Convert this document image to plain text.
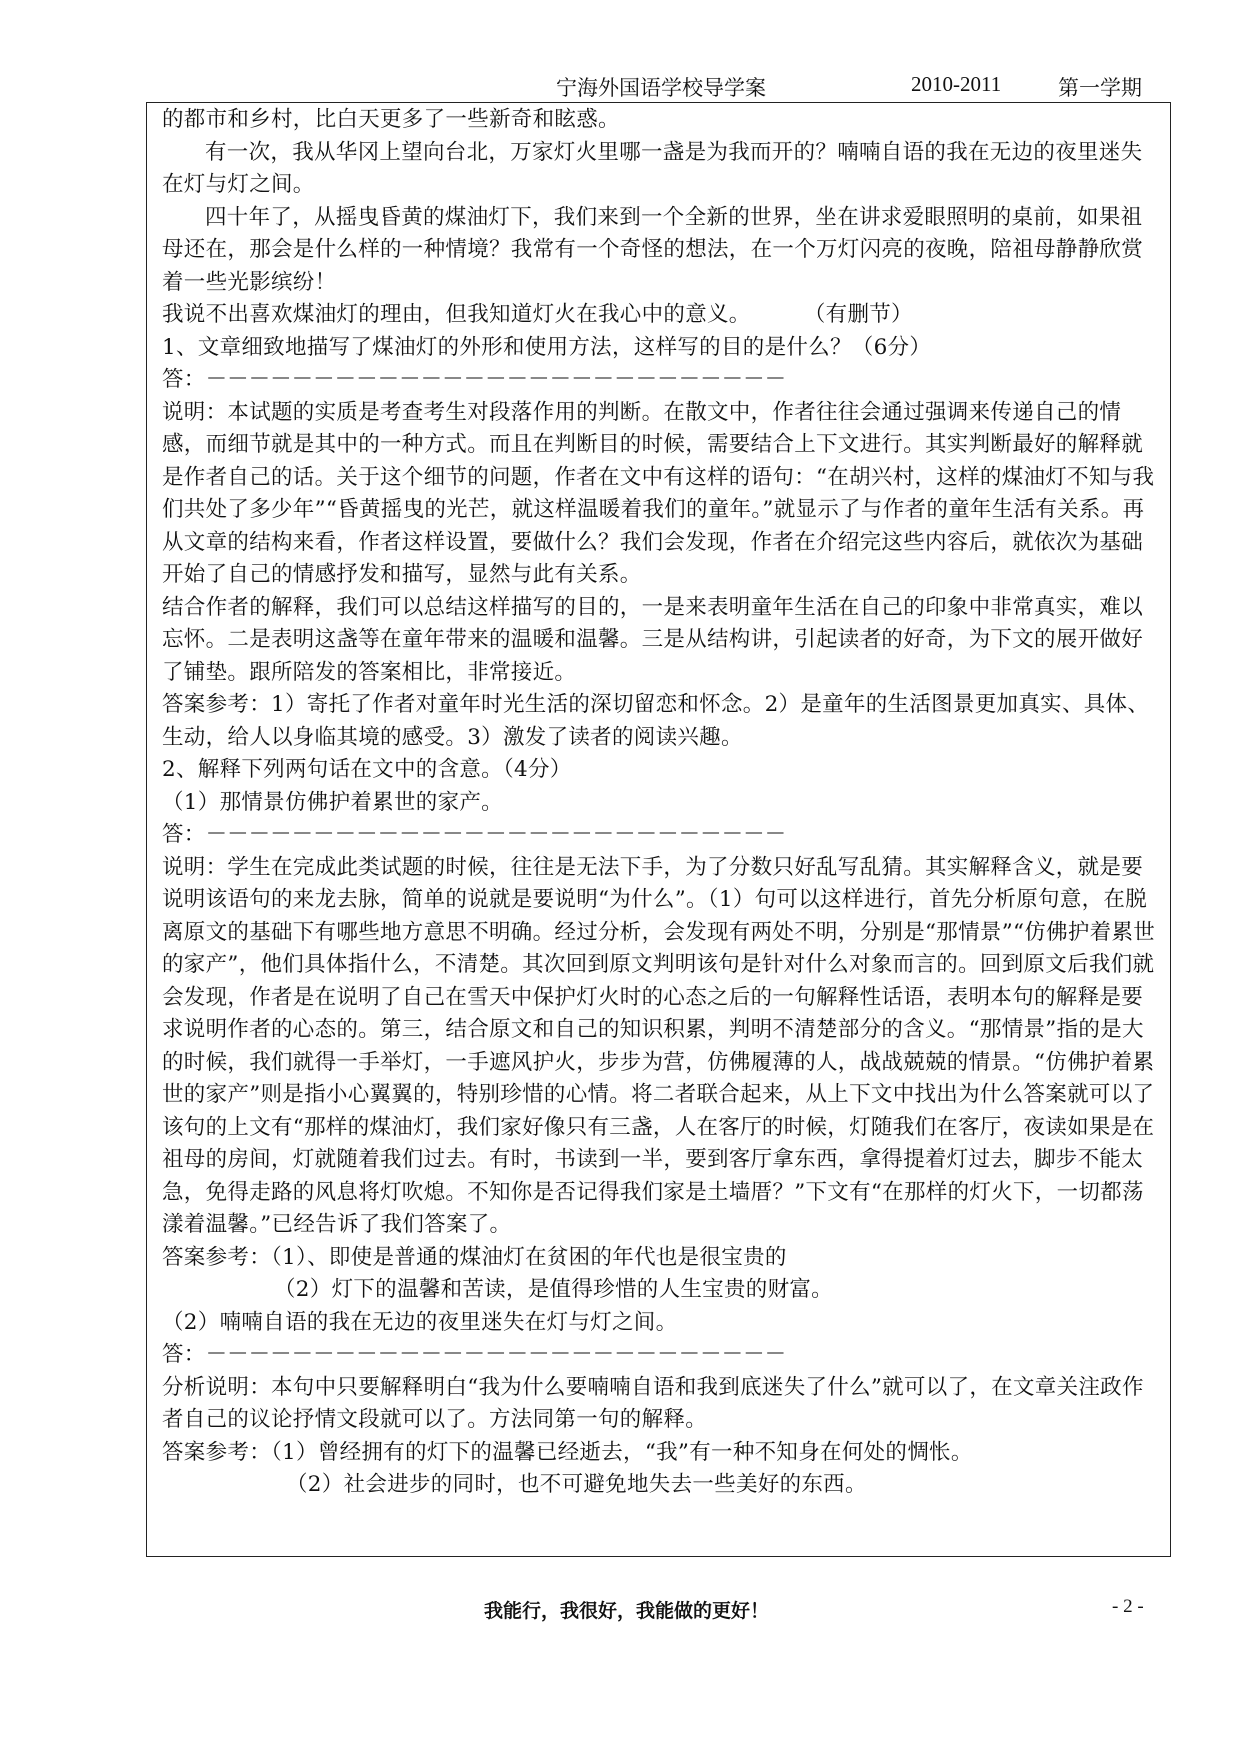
宁海外国语学校导学案	2010-2011	第一学期

的都市和乡村，比白天更多了一些新奇和眩惑。

有一次，我从华冈上望向台北，万家灯火里哪一盏是为我而开的？喃喃自语的我在无边的夜里迷失在灯与灯之间。

四十年了，从摇曳昏黄的煤油灯下，我们来到一个全新的世界，坐在讲求爱眼照明的桌前，如果祖母还在，那会是什么样的一种情境？我常有一个奇怪的想法，在一个万灯闪亮的夜晚，陪祖母静静欣赏着一些光影缤纷！

我说不出喜欢煤油灯的理由，但我知道灯火在我心中的意义。	（有删节）

1、文章细致地描写了煤油灯的外形和使用方法，这样写的目的是什么？（6分）

答：－－－－－－－－－－－－－－－－－－－－－－－－－－－

说明：本试题的实质是考查考生对段落作用的判断。在散文中，作者往往会通过强调来传递自己的情感，而细节就是其中的一种方式。而且在判断目的时候，需要结合上下文进行。其实判断最好的解释就是作者自己的话。关于这个细节的问题，作者在文中有这样的语句：“在胡兴村，这样的煤油灯不知与我们共处了多少年”“昏黄摇曳的光芒，就这样温暖着我们的童年。”就显示了与作者的童年生活有关系。再从文章的结构来看，作者这样设置，要做什么？我们会发现，作者在介绍完这些内容后，就依次为基础开始了自己的情感抒发和描写，显然与此有关系。

结合作者的解释，我们可以总结这样描写的目的，一是来表明童年生活在自己的印象中非常真实，难以忘怀。二是表明这盏等在童年带来的温暖和温馨。三是从结构讲，引起读者的好奇，为下文的展开做好了铺垫。跟所陪发的答案相比，非常接近。

答案参考：1）寄托了作者对童年时光生活的深切留恋和怀念。2）是童年的生活图景更加真实、具体、生动，给人以身临其境的感受。3）激发了读者的阅读兴趣。

2、解释下列两句话在文中的含意。（4分）

（1）那情景仿佛护着累世的家产。

答：－－－－－－－－－－－－－－－－－－－－－－－－－－－

说明：学生在完成此类试题的时候，往往是无法下手，为了分数只好乱写乱猜。其实解释含义，就是要说明该语句的来龙去脉，简单的说就是要说明“为什么”。（1）句可以这样进行，首先分析原句意，在脱离原文的基础下有哪些地方意思不明确。经过分析，会发现有两处不明，分别是“那情景”“仿佛护着累世的家产”，他们具体指什么，不清楚。其次回到原文判明该句是针对什么对象而言的。回到原文后我们就会发现，作者是在说明了自己在雪天中保护灯火时的心态之后的一句解释性话语，表明本句的解释是要求说明作者的心态的。第三，结合原文和自己的知识积累，判明不清楚部分的含义。“那情景”指的是大的时候，我们就得一手举灯，一手遮风护火，步步为营，仿佛履薄的人，战战兢兢的情景。“仿佛护着累世的家产”则是指小心翼翼的，特别珍惜的心情。将二者联合起来，从上下文中找出为什么答案就可以了该句的上文有“那样的煤油灯，我们家好像只有三盏，人在客厅的时候，灯随我们在客厅，夜读如果是在祖母的房间，灯就随着我们过去。有时，书读到一半，要到客厅拿东西，拿得提着灯过去，脚步不能太急，免得走路的风息将灯吹熄。不知你是否记得我们家是土墙厝？”下文有“在那样的灯火下，一切都荡漾着温馨。”已经告诉了我们答案了。

答案参考：（1）、即使是普通的煤油灯在贫困的年代也是很宝贵的

（2）灯下的温馨和苦读，是值得珍惜的人生宝贵的财富。

（2）喃喃自语的我在无边的夜里迷失在灯与灯之间。

答：－－－－－－－－－－－－－－－－－－－－－－－－－－－

分析说明：本句中只要解释明白“我为什么要喃喃自语和我到底迷失了什么”就可以了，在文章关注政作者自己的议论抒情文段就可以了。方法同第一句的解释。

答案参考：（1）曾经拥有的灯下的温馨已经逝去，“我”有一种不知身在何处的惆怅。

（2）社会进步的同时，也不可避免地失去一些美好的东西。

我能行，我很好，我能做的更好！	- 2 -
